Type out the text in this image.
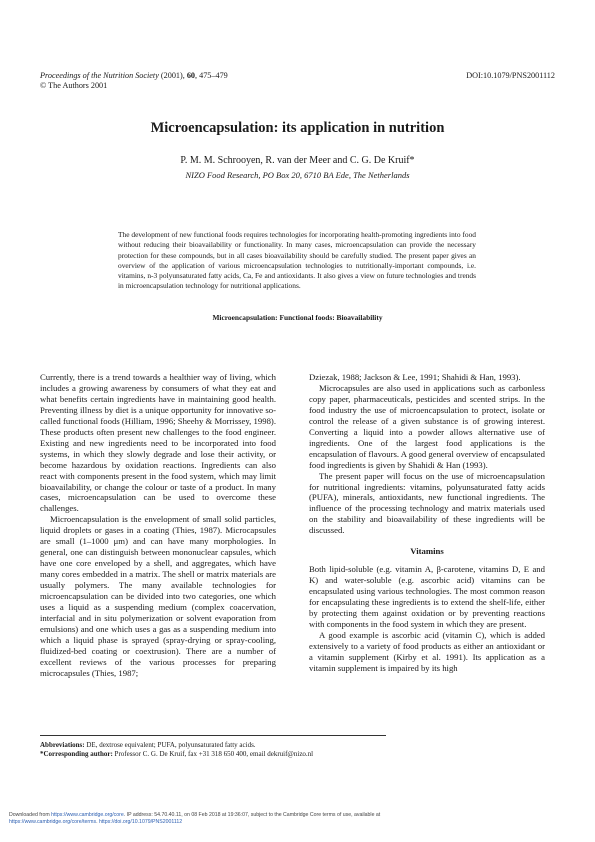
Proceedings of the Nutrition Society (2001), 60, 475–479
© The Authors 2001
DOI:10.1079/PNS2001112
Microencapsulation: its application in nutrition
P. M. M. Schrooyen, R. van der Meer and C. G. De Kruif*
NIZO Food Research, PO Box 20, 6710 BA Ede, The Netherlands
The development of new functional foods requires technologies for incorporating health-promoting ingredients into food without reducing their bioavailability or functionality. In many cases, microencapsulation can provide the necessary protection for these compounds, but in all cases bioavailability should be carefully studied. The present paper gives an overview of the application of various microencapsulation technologies to nutritionally-important compounds, i.e. vitamins, n-3 polyunsaturated fatty acids, Ca, Fe and antioxidants. It also gives a view on future technologies and trends in microencapsulation technology for nutritional applications.
Microencapsulation: Functional foods: Bioavailability

Currently, there is a trend towards a healthier way of living, which includes a growing awareness by consumers of what they eat and what benefits certain ingredients have in maintaining good health. Preventing illness by diet is a unique opportunity for innovative so-called functional foods (Hilliam, 1996; Sheehy & Morrissey, 1998). These products often present new challenges to the food engineer. Existing and new ingredients need to be incorporated into food systems, in which they slowly degrade and lose their activity, or become hazardous by oxidation reactions. Ingredients can also react with components present in the food system, which may limit bioavailability, or change the colour or taste of a product. In many cases, microencapsulation can be used to overcome these challenges.

Microencapsulation is the envelopment of small solid particles, liquid droplets or gases in a coating (Thies, 1987). Microcapsules are small (1–1000 μm) and can have many morphologies. In general, one can distinguish between mononuclear capsules, which have one core enveloped by a shell, and aggregates, which have many cores embedded in a matrix. The shell or matrix materials are usually polymers. The many available technologies for microencapsulation can be divided into two categories, one which uses a liquid as a suspending medium (complex coacervation, interfacial and in situ polymerization or solvent evaporation from emulsions) and one which uses a gas as a suspending medium into which a liquid phase is sprayed (spray-drying or spray-cooling, fluidized-bed coating or coextrusion). There are a number of excellent reviews of the various processes for preparing microcapsules (Thies, 1987;

Dziezak, 1988; Jackson & Lee, 1991; Shahidi & Han, 1993).

Microcapsules are also used in applications such as carbonless copy paper, pharmaceuticals, pesticides and scented strips. In the food industry the use of microencapsulation to protect, isolate or control the release of a given substance is of growing interest. Converting a liquid into a powder allows alternative use of ingredients. One of the largest food applications is the encapsulation of flavours. A good general overview of encapsulated food ingredients is given by Shahidi & Han (1993).

The present paper will focus on the use of microencapsulation for nutritional ingredients: vitamins, polyunsaturated fatty acids (PUFA), minerals, antioxidants, new functional ingredients. The influence of the processing technology and matrix materials used on the stability and bioavailability of these ingredients will be discussed.

Vitamins

Both lipid-soluble (e.g. vitamin A, β-carotene, vitamins D, E and K) and water-soluble (e.g. ascorbic acid) vitamins can be encapsulated using various technologies. The most common reason for encapsulating these ingredients is to extend the shelf-life, either by protecting them against oxidation or by preventing reactions with components in the food system in which they are present.

A good example is ascorbic acid (vitamin C), which is added extensively to a variety of food products as either an antioxidant or a vitamin supplement (Kirby et al. 1991). Its application as a vitamin supplement is impaired by its high

Abbreviations: DE, dextrose equivalent; PUFA, polyunsaturated fatty acids.
*Corresponding author: Professor C. G. De Kruif, fax +31 318 650 400, email dekruif@nizo.nl
Downloaded from https://www.cambridge.org/core. IP address: 54.70.40.11, on 08 Feb 2018 at 19:36:07, subject to the Cambridge Core terms of use, available at
https://www.cambridge.org/core/terms. https://doi.org/10.1079/PNS2001112
